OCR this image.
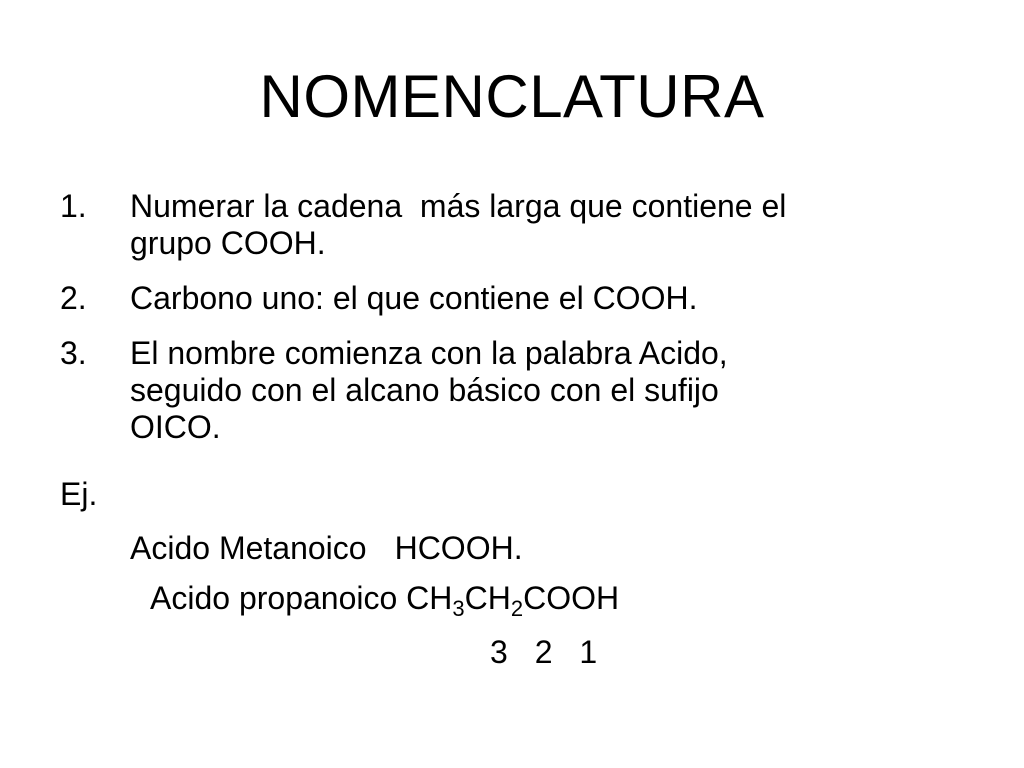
NOMENCLATURA
1. Numerar la cadena  más larga que contiene el
grupo COOH.
2. Carbono uno: el que contiene el COOH.
3. El nombre comienza con la palabra Acido,
seguido con el alcano básico con el sufijo
OICO.
Ej.
Acido Metanoico HCOOH.
Acido propanoico $CH_3CH_2COOH$
3 2 1
